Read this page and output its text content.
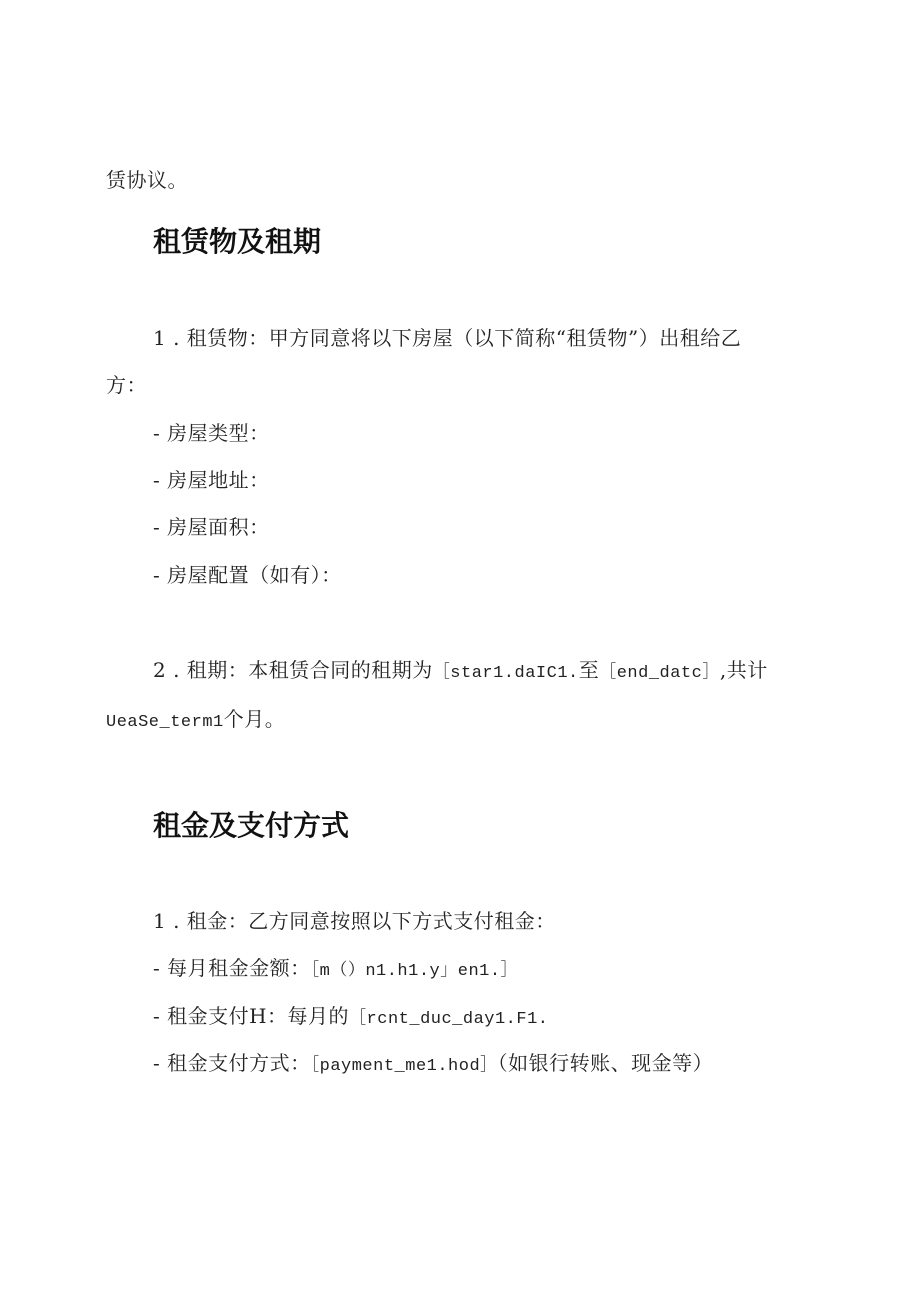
赁协议。
租赁物及租期
1 . 租赁物：甲方同意将以下房屋（以下简称“租赁物”）出租给乙
方：
- 房屋类型：
- 房屋地址：
- 房屋面积：
- 房屋配置（如有）：
2 . 租期：本租赁合同的租期为［star1.daIC1.至［end_datc］,共计
UeaSe_term1个月。
租金及支付方式
1 . 租金：乙方同意按照以下方式支付租金：
- 每月租金金额：［m（）n1.h1.y」en1.］
- 租金支付H：每月的［rcnt_duc_day1.F1.
- 租金支付方式：［payment_me1.hod］（如银行转账、现金等）
